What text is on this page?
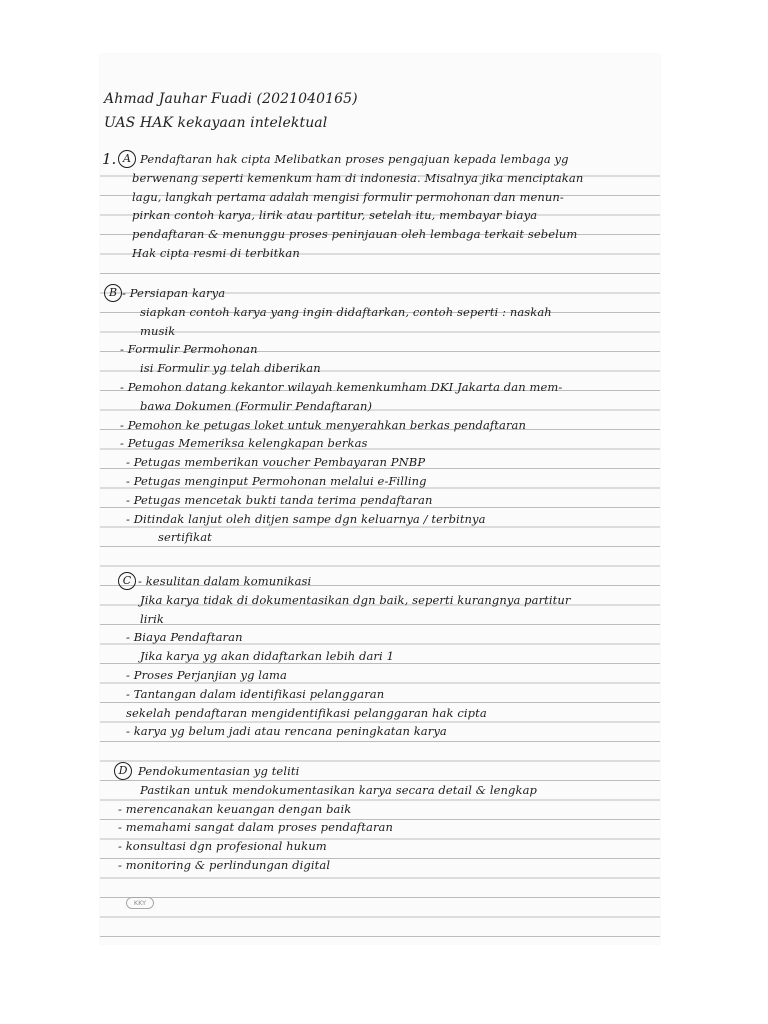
Ahmad Jauhar Fuadi (2021040165)
UAS HAK kekayaan intelektual
1. A
B
C
D
Pendaftaran hak cipta Melibatkan proses pengajuan kepada lembaga yg
berwenang seperti kemenkum ham di indonesia. Misalnya jika menciptakan
lagu, langkah pertama adalah mengisi formulir permohonan dan menun-
pirkan contoh karya, lirik atau partitur, setelah itu, membayar biaya
pendaftaran & menunggu proses peninjauan oleh lembaga terkait sebelum
Hak cipta resmi di terbitkan
- Persiapan karya
siapkan contoh karya yang ingin didaftarkan, contoh seperti : naskah
musik
- Formulir Permohonan
isi Formulir yg telah diberikan
- Pemohon datang kekantor wilayah kemenkumham DKI Jakarta dan mem-
bawa Dokumen (Formulir Pendaftaran)
- Pemohon ke petugas loket untuk menyerahkan berkas pendaftaran
- Petugas Memeriksa kelengkapan berkas
- Petugas memberikan voucher Pembayaran PNBP
- Petugas menginput Permohonan melalui e-Filling
- Petugas mencetak bukti tanda terima pendaftaran
- Ditindak lanjut oleh ditjen sampe dgn keluarnya / terbitnya
sertifikat
- kesulitan dalam komunikasi
Jika karya tidak di dokumentasikan dgn baik, seperti kurangnya partitur
lirik
- Biaya Pendaftaran
Jika karya yg akan didaftarkan lebih dari 1
- Proses Perjanjian yg lama
- Tantangan dalam identifikasi pelanggaran
sekelah pendaftaran mengidentifikasi pelanggaran hak cipta
- karya yg belum jadi atau rencana peningkatan karya
Pendokumentasian yg teliti
Pastikan untuk mendokumentasikan karya secara detail & lengkap
- merencanakan keuangan dengan baik
- memahami sangat dalam proses pendaftaran
- konsultasi dgn profesional hukum
- monitoring & perlindungan digital
KKY
